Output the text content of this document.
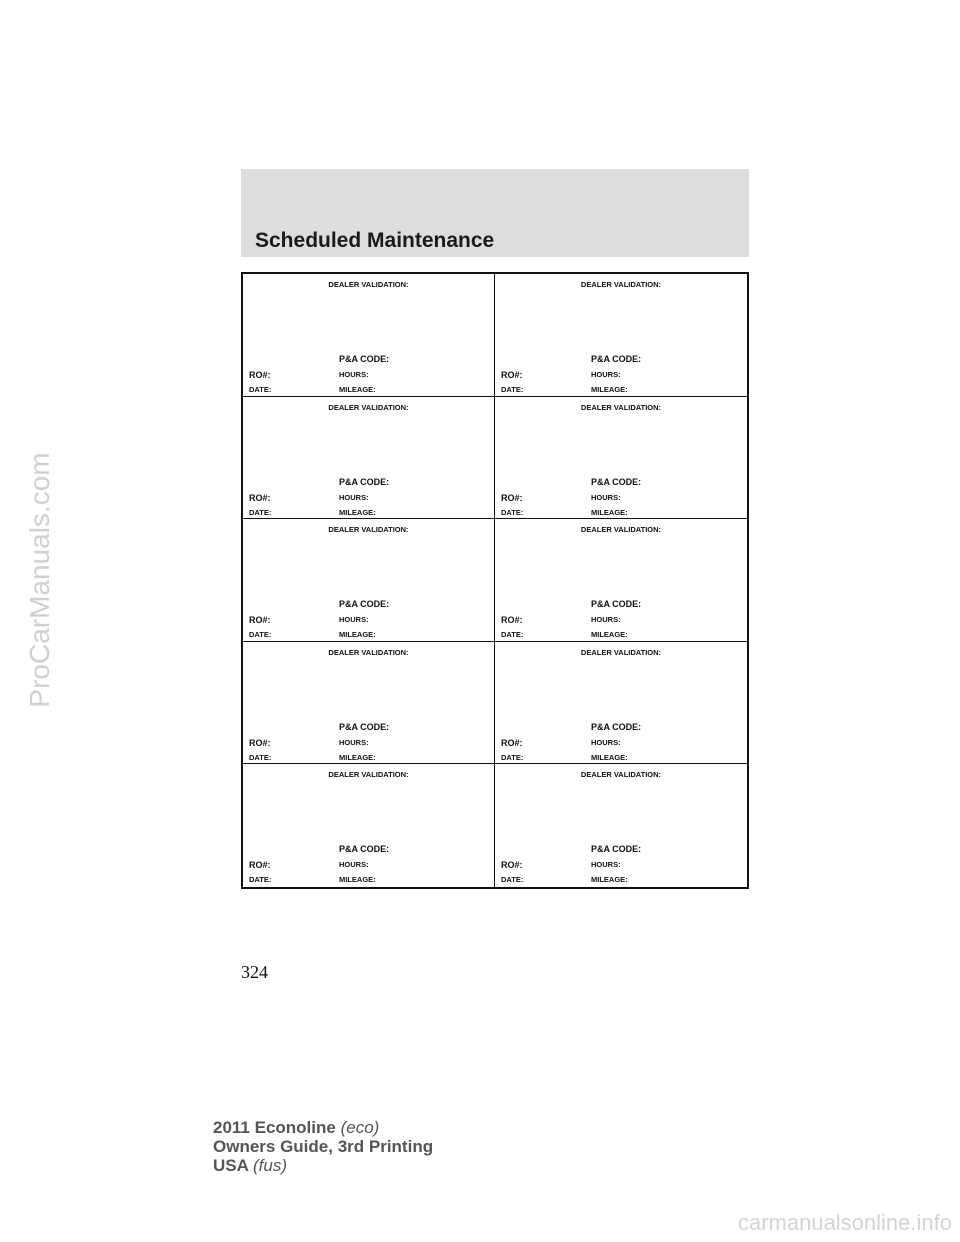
Scheduled Maintenance
DEALER VALIDATION:
P&A CODE:
RO#:	HOURS:
DATE:	MILEAGE:
DEALER VALIDATION:
P&A CODE:
RO#:	HOURS:
DATE:	MILEAGE:
DEALER VALIDATION:
P&A CODE:
RO#:	HOURS:
DATE:	MILEAGE:
DEALER VALIDATION:
P&A CODE:
RO#:	HOURS:
DATE:	MILEAGE:
DEALER VALIDATION:
P&A CODE:
RO#:	HOURS:
DATE:	MILEAGE:
DEALER VALIDATION:
P&A CODE:
RO#:	HOURS:
DATE:	MILEAGE:
DEALER VALIDATION:
P&A CODE:
RO#:	HOURS:
DATE:	MILEAGE:
DEALER VALIDATION:
P&A CODE:
RO#:	HOURS:
DATE:	MILEAGE:
DEALER VALIDATION:
P&A CODE:
RO#:	HOURS:
DATE:	MILEAGE:
DEALER VALIDATION:
P&A CODE:
RO#:	HOURS:
DATE:	MILEAGE:
324
2011 Econoline (eco)
Owners Guide, 3rd Printing
USA (fus)
ProCarManuals.com
carmanualsonline.info
